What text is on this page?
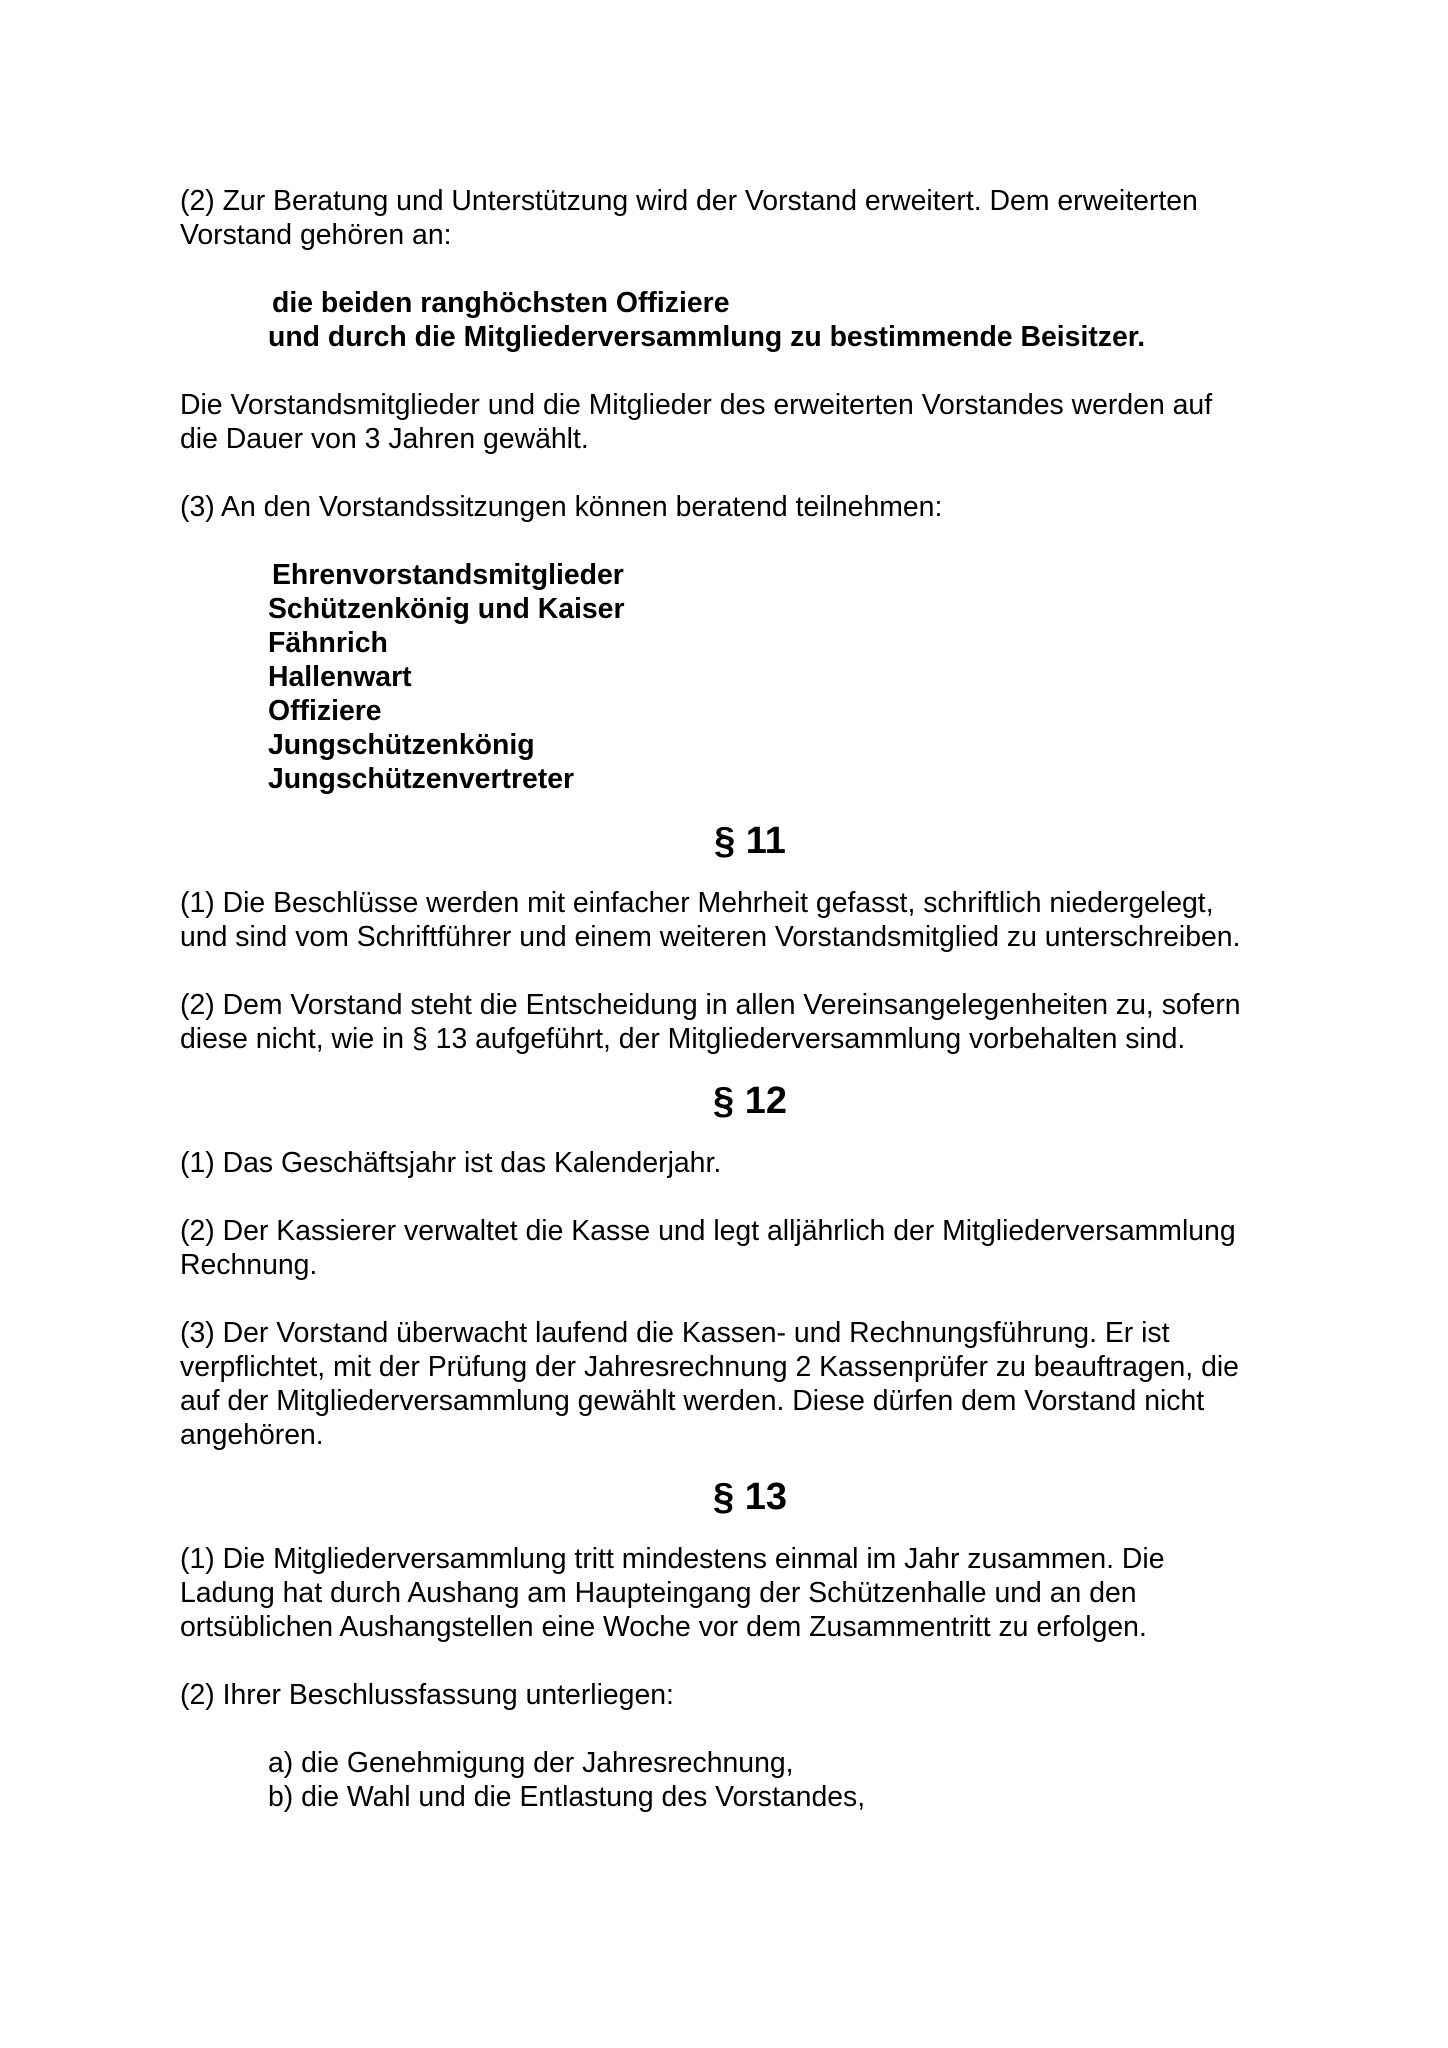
(2) Zur Beratung und Unterstützung wird der Vorstand erweitert. Dem erweiterten
Vorstand gehören an:
die beiden ranghöchsten Offiziere
und durch die Mitgliederversammlung zu bestimmende Beisitzer.
Die Vorstandsmitglieder und die Mitglieder des erweiterten Vorstandes werden auf
die Dauer von 3 Jahren gewählt.
(3) An den Vorstandssitzungen können beratend teilnehmen:
Ehrenvorstandsmitglieder
Schützenkönig und Kaiser
Fähnrich
Hallenwart
Offiziere
Jungschützenkönig
Jungschützenvertreter
§ 11
(1) Die Beschlüsse werden mit einfacher Mehrheit gefasst, schriftlich niedergelegt,
und sind vom Schriftführer und einem weiteren Vorstandsmitglied zu unterschreiben.
(2) Dem Vorstand steht die Entscheidung in allen Vereinsangelegenheiten zu, sofern
diese nicht, wie in § 13 aufgeführt, der Mitgliederversammlung vorbehalten sind.
§ 12
(1) Das Geschäftsjahr ist das Kalenderjahr.
(2) Der Kassierer verwaltet die Kasse und legt alljährlich der Mitgliederversammlung
Rechnung.
(3) Der Vorstand überwacht laufend die Kassen- und Rechnungsführung. Er ist
verpflichtet, mit der Prüfung der Jahresrechnung 2 Kassenprüfer zu beauftragen, die
auf der Mitgliederversammlung gewählt werden. Diese dürfen dem Vorstand nicht
angehören.
§ 13
(1) Die Mitgliederversammlung tritt mindestens einmal im Jahr zusammen. Die
Ladung hat durch Aushang am Haupteingang der Schützenhalle und an den
ortsüblichen Aushangstellen eine Woche vor dem Zusammentritt zu erfolgen.
(2) Ihrer Beschlussfassung unterliegen:
a) die Genehmigung der Jahresrechnung,
b) die Wahl und die Entlastung des Vorstandes,
